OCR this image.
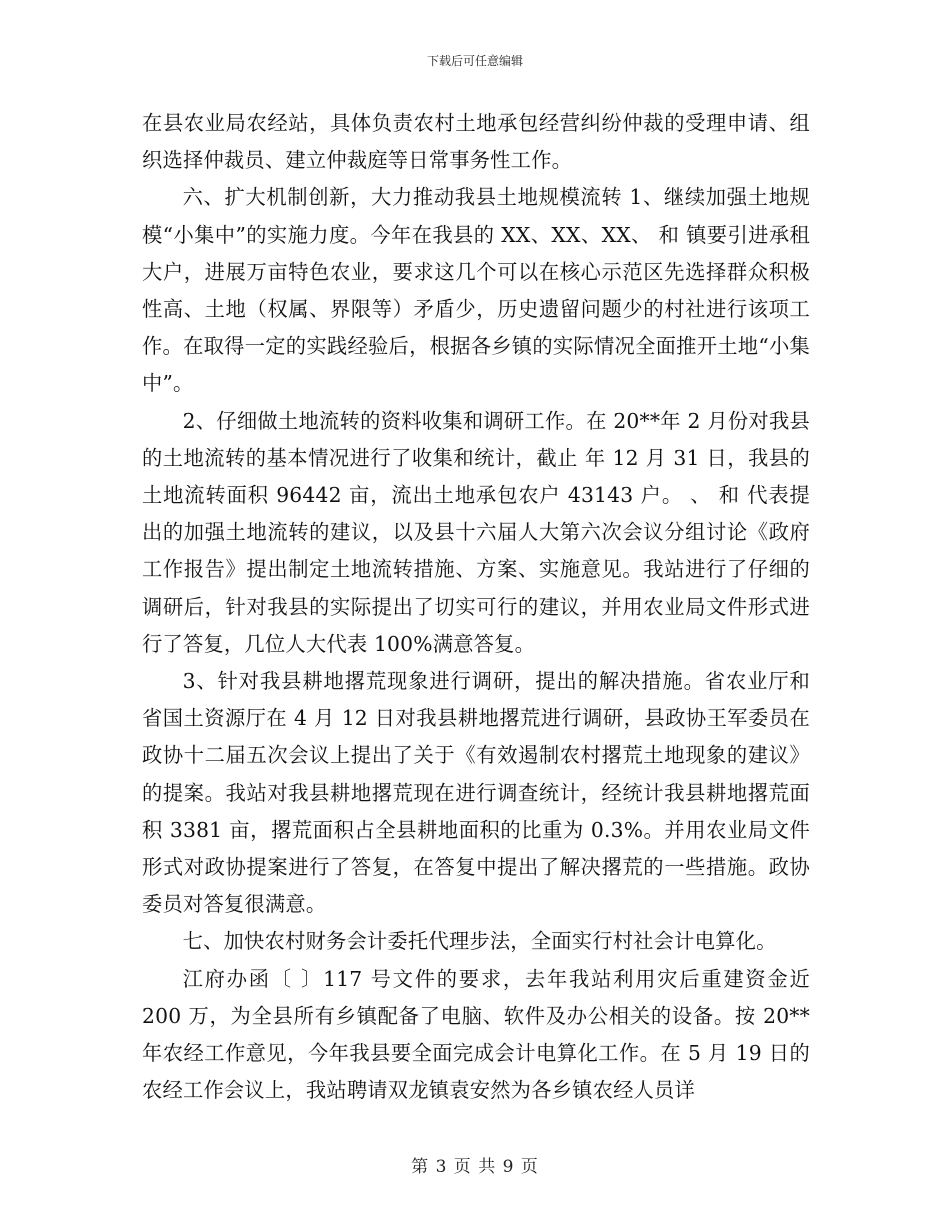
下载后可任意编辑

在县农业局农经站，具体负责农村土地承包经营纠纷仲裁的受理申请、组织选择仲裁员、建立仲裁庭等日常事务性工作。

六、扩大机制创新，大力推动我县土地规模流转 1、继续加强土地规模“小集中”的实施力度。今年在我县的 XX、XX、XX、 和 镇要引进承租大户，进展万亩特色农业，要求这几个可以在核心示范区先选择群众积极性高、土地（权属、界限等）矛盾少，历史遗留问题少的村社进行该项工作。在取得一定的实践经验后，根据各乡镇的实际情况全面推开土地“小集中”。

2、仔细做土地流转的资料收集和调研工作。在 20**年 2 月份对我县的土地流转的基本情况进行了收集和统计，截止 年 12 月 31 日，我县的土地流转面积 96442 亩，流出土地承包农户 43143 户。 、 和 代表提出的加强土地流转的建议，以及县十六届人大第六次会议分组讨论《政府工作报告》提出制定土地流转措施、方案、实施意见。我站进行了仔细的调研后，针对我县的实际提出了切实可行的建议，并用农业局文件形式进行了答复，几位人大代表 100%满意答复。

3、针对我县耕地撂荒现象进行调研，提出的解决措施。省农业厅和省国土资源厅在 4 月 12 日对我县耕地撂荒进行调研，县政协王军委员在政协十二届五次会议上提出了关于《有效遏制农村撂荒土地现象的建议》的提案。我站对我县耕地撂荒现在进行调查统计，经统计我县耕地撂荒面积 3381 亩，撂荒面积占全县耕地面积的比重为 0.3%。并用农业局文件形式对政协提案进行了答复，在答复中提出了解决撂荒的一些措施。政协委员对答复很满意。

七、加快农村财务会计委托代理步法，全面实行村社会计电算化。

江府办函〔 〕117 号文件的要求，去年我站利用灾后重建资金近 200 万，为全县所有乡镇配备了电脑、软件及办公相关的设备。按 20**年农经工作意见，今年我县要全面完成会计电算化工作。在 5 月 19 日的农经工作会议上，我站聘请双龙镇袁安然为各乡镇农经人员详

第 3 页 共 9 页
